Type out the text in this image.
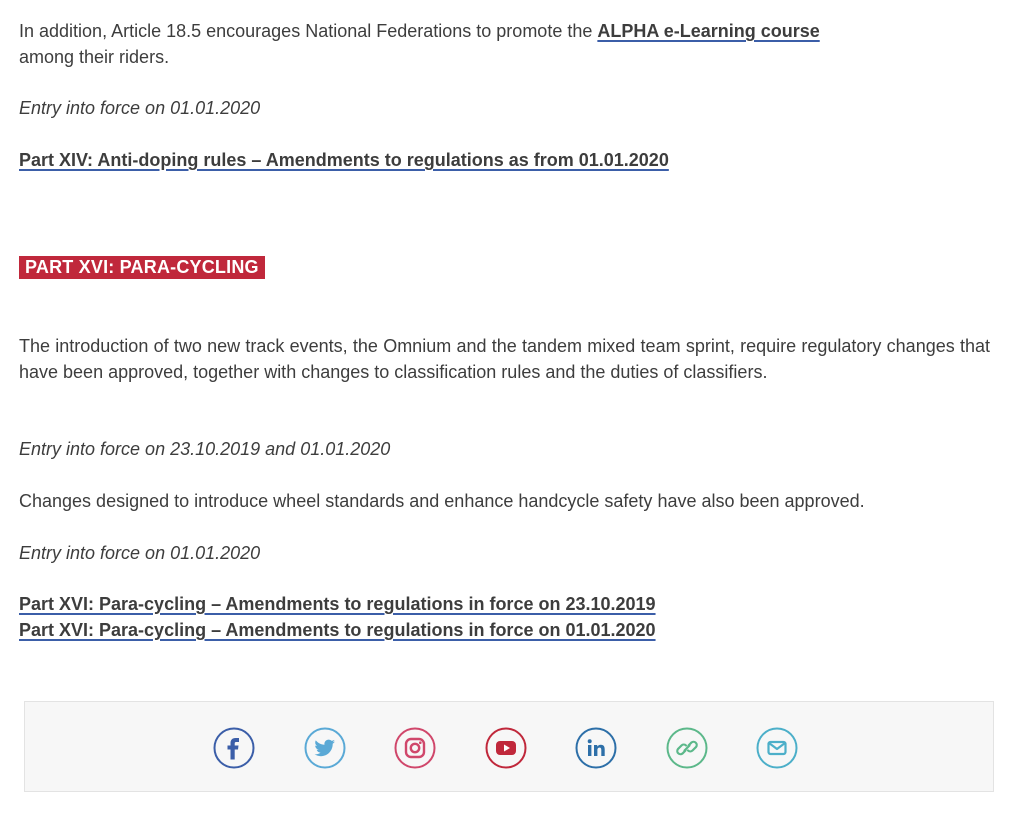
In addition, Article 18.5 encourages National Federations to promote the ALPHA e-Learning course
among their riders.

Entry into force on 01.01.2020

Part XIV: Anti-doping rules – Amendments to regulations as from 01.01.2020

PART XVI: PARA-CYCLING

The introduction of two new track events, the Omnium and the tandem mixed team sprint, require regulatory changes that have been approved, together with changes to classification rules and the duties of classifiers.

Entry into force on 23.10.2019 and 01.01.2020

Changes designed to introduce wheel standards and enhance handcycle safety have also been approved.

Entry into force on 01.01.2020

Part XVI: Para-cycling – Amendments to regulations in force on 23.10.2019

Part XVI: Para-cycling – Amendments to regulations in force on 01.01.2020
